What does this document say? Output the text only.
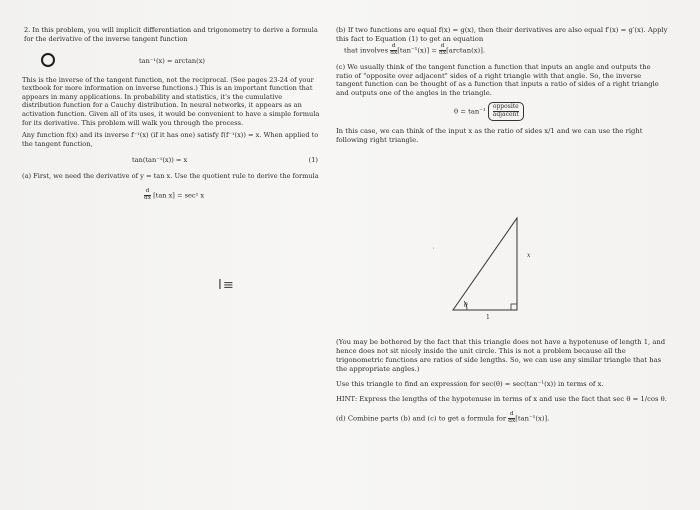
2. In this problem, you will implicit differentiation and trigonometry to derive a formula for the derivative of the inverse tangent function

tan⁻¹(x) = arctan(x)

This is the inverse of the tangent function, not the reciprocal. (See pages 23-24 of your textbook for more information on inverse functions.) This is an important function that appears in many applications. In probability and statistics, it's the cumulative distribution function for a Cauchy distribution. In neural networks, it appears as an activation function. Given all of its uses, it would be convenient to have a simple formula for its derivative. This problem will walk you through the process.

Any function f(x) and its inverse f⁻¹(x) (if it has one) satisfy f(f⁻¹(x)) = x. When applied to the tangent function,

tan(tan⁻¹(x)) = x	(1)

(a) First, we need the derivative of y = tan x. Use the quotient rule to derive the formula

$\frac{d}{dx} [\tan$ x] = sec² x
I≡

(b) If two functions are equal f(x) = g(x), then their derivatives are also equal f′(x) = g′(x). Apply this fact to Equation (1) to get an equation

that involves $\frac{d}{dx} [\tan^{-1}(x)] = \frac{d}{dx} [\arctan(x)]$.

(c) We usually think of the tangent function a function that inputs an angle and outputs the ratio of "opposite over adjacent" sides of a right triangle with that angle. So, the inverse tangent function can be thought of as a function that inputs a ratio of sides of a right triangle and outputs one of the angles in the triangle.

θ = tan⁻¹
opposite
adjacent

In this case, we can think of the input x as the ratio of sides x/1 and we can use the right following right triangle.

x
1
θ
'

(You may be bothered by the fact that this triangle does not have a hypotenuse of length 1, and hence does not sit nicely inside the unit circle. This is not a problem because all the trigonometric functions are ratios of side lengths. So, we can use any similar triangle that has the appropriate angles.)

Use this triangle to find an expression for sec(θ) = sec(tan⁻¹(x)) in terms of x.

HINT: Express the lengths of the hypotenuse in terms of x and use the fact that sec θ = 1/cos θ.

(d) Combine parts (b) and (c) to get a formula for $\frac{d}{dx} [\tan^{-1}(x)]$.
